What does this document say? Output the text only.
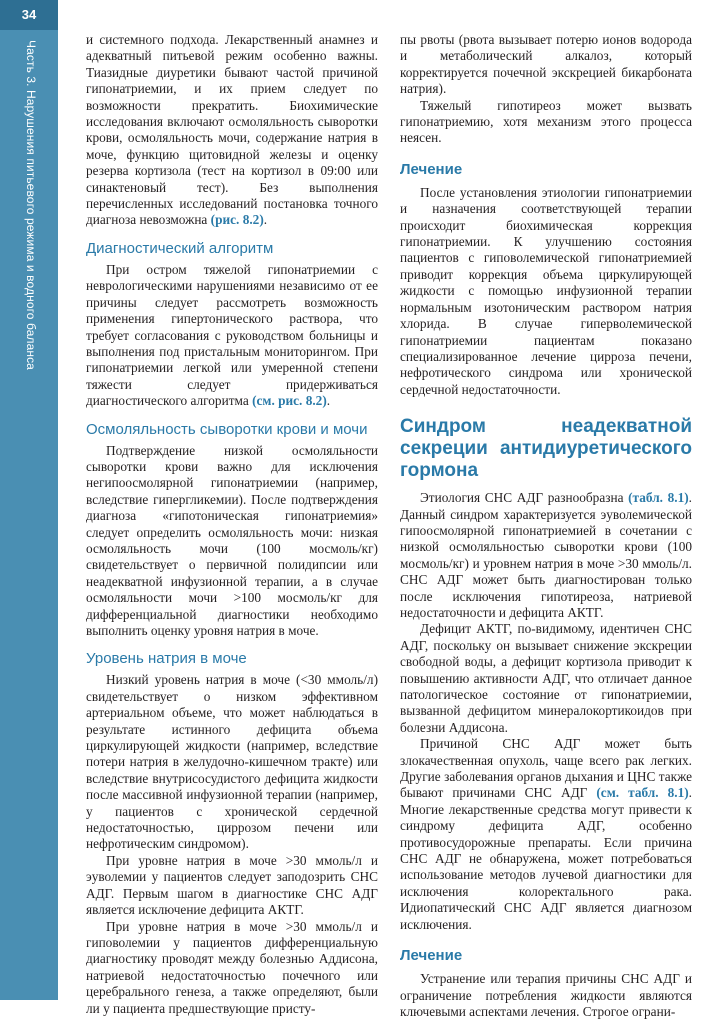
34
Часть 3. Нарушения питьевого режима и водного баланса

и системного подхода. Лекарственный анамнез и адекватный питьевой режим особенно важны. Тиазидные диуретики бывают частой причиной гипонатриемии, и их прием следует по возможности прекратить. Биохимические исследования включают осмоляльность сыворотки крови, осмоляльность мочи, содержание натрия в моче, функцию щитовидной железы и оценку резерва кортизола (тест на кортизол в 09:00 или синактеновый тест). Без выполнения перечисленных исследований постановка точного диагноза невозможна (рис. 8.2).

Диагностический алгоритм

При остром тяжелой гипонатриемии с неврологическими нарушениями независимо от ее причины следует рассмотреть возможность применения гипертонического раствора, что требует согласования с руководством больницы и выполнения под пристальным мониторингом. При гипонатриемии легкой или умеренной степени тяжести следует придерживаться диагностического алгоритма (см. рис. 8.2).

Осмоляльность сыворотки крови и мочи

Подтверждение низкой осмоляльности сыворотки крови важно для исключения негипоосмолярной гипонатриемии (например, вследствие гипергликемии). После подтверждения диагноза «гипотоническая гипонатриемия» следует определить осмоляльность мочи: низкая осмоляльность мочи (100 мосмоль/кг) свидетельствует о первичной полидипсии или неадекватной инфузионной терапии, а в случае осмоляльности мочи >100 мосмоль/кг для дифференциальной диагностики необходимо выполнить оценку уровня натрия в моче.

Уровень натрия в моче

Низкий уровень натрия в моче (<30 ммоль/л) свидетельствует о низком эффективном артериальном объеме, что может наблюдаться в результате истинного дефицита объема циркулирующей жидкости (например, вследствие потери натрия в желудочно-кишечном тракте) или вследствие внутрисосудистого дефицита жидкости после массивной инфузионной терапии (например, у пациентов с хронической сердечной недостаточностью, циррозом печени или нефротическим синдромом).

При уровне натрия в моче >30 ммоль/л и эуволемии у пациентов следует заподозрить СНС АДГ. Первым шагом в диагностике СНС АДГ является исключение дефицита АКТГ.

При уровне натрия в моче >30 ммоль/л и гиповолемии у пациентов дифференциальную диагностику проводят между болезнью Аддисона, натриевой недостаточностью почечного или церебрального генеза, а также определяют, были ли у пациента предшествующие присту-

пы рвоты (рвота вызывает потерю ионов водорода и метаболический алкалоз, который корректируется почечной экскрецией бикарбоната натрия).

Тяжелый гипотиреоз может вызвать гипонатриемию, хотя механизм этого процесса неясен.

Лечение

После установления этиологии гипонатриемии и назначения соответствующей терапии происходит биохимическая коррекция гипонатриемии. К улучшению состояния пациентов с гиповолемической гипонатриемией приводит коррекция объема циркулирующей жидкости с помощью инфузионной терапии нормальным изотоническим раствором натрия хлорида. В случае гиперволемической гипонатриемии пациентам показано специализированное лечение цирроза печени, нефротического синдрома или хронической сердечной недостаточности.

Синдром неадекватной секреции антидиуретического гормона

Этиология СНС АДГ разнообразна (табл. 8.1). Данный синдром характеризуется эуволемической гипоосмолярной гипонатриемией в сочетании с низкой осмоляльностью сыворотки крови (100 мосмоль/кг) и уровнем натрия в моче >30 ммоль/л. СНС АДГ может быть диагностирован только после исключения гипотиреоза, натриевой недостаточности и дефицита АКТГ.

Дефицит АКТГ, по-видимому, идентичен СНС АДГ, поскольку он вызывает снижение экскреции свободной воды, а дефицит кортизола приводит к повышению активности АДГ, что отличает данное патологическое состояние от гипонатриемии, вызванной дефицитом минералокортикоидов при болезни Аддисона.

Причиной СНС АДГ может быть злокачественная опухоль, чаще всего рак легких. Другие заболевания органов дыхания и ЦНС также бывают причинами СНС АДГ (см. табл. 8.1). Многие лекарственные средства могут привести к синдрому дефицита АДГ, особенно противосудорожные препараты. Если причина СНС АДГ не обнаружена, может потребоваться использование методов лучевой диагностики для исключения колоректального рака. Идиопатический СНС АДГ является диагнозом исключения.

Лечение

Устранение или терапия причины СНС АДГ и ограничение потребления жидкости являются ключевыми аспектами лечения. Строгое ограни-
